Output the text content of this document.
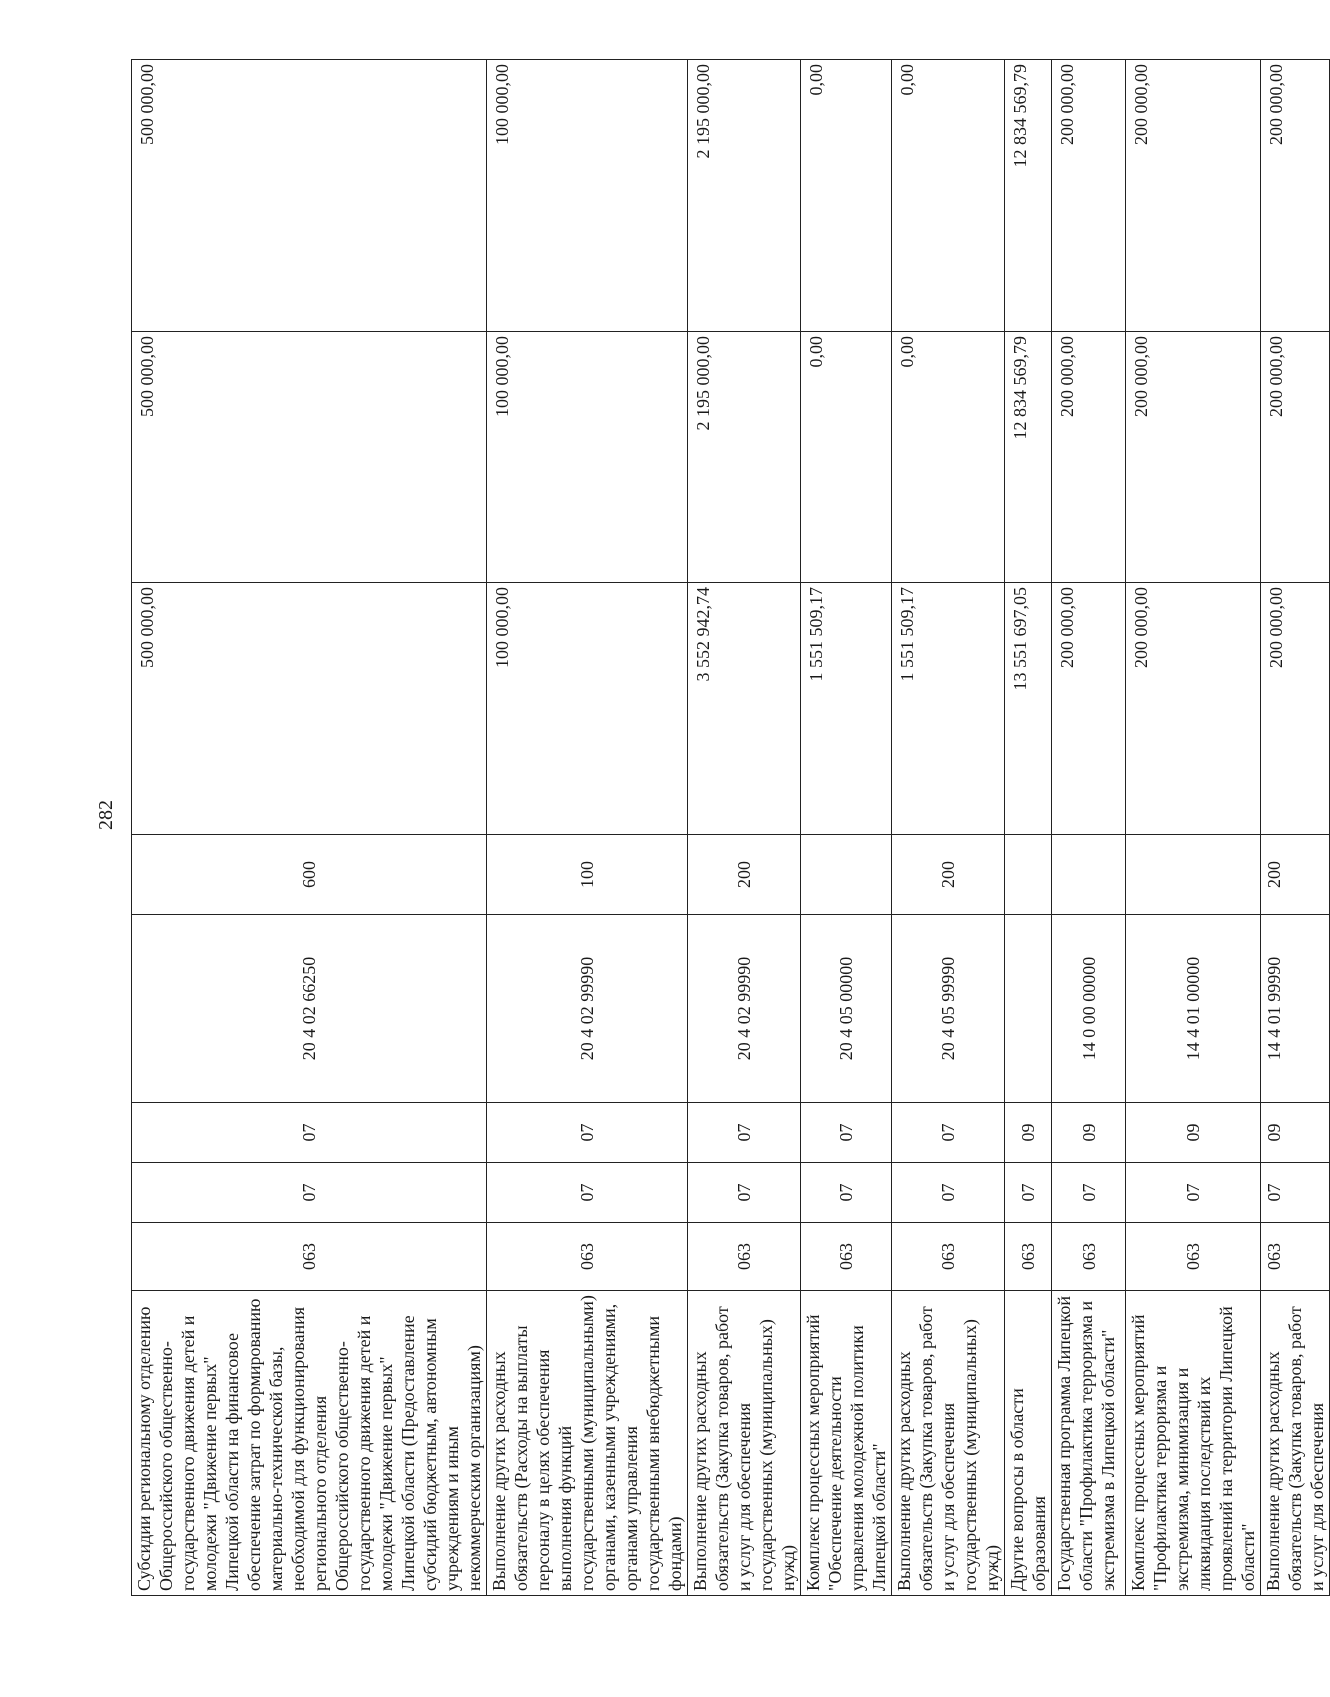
282
Субсидии региональному отделению Общероссийского общественно-государственного движения детей и молодежи "Движение первых" Липецкой области на финансовое обеспечение затрат по формированию материально-технической базы, необходимой для функционирования регионального отделения Общероссийского общественно-государственного движения детей и молодежи "Движение первых" Липецкой области (Предоставление субсидий бюджетным, автономным учреждениям и иным некоммерческим организациям)	063	07	07	20 4 02 66250	600	500 000,00	500 000,00	500 000,00
Выполнение других расходных обязательств (Расходы на выплаты персоналу в целях обеспечения выполнения функций государственными (муниципальными) органами, казенными учреждениями, органами управления государственными внебюджетными фондами)	063	07	07	20 4 02 99990	100	100 000,00	100 000,00	100 000,00
Выполнение других расходных обязательств (Закупка товаров, работ и услуг для обеспечения государственных (муниципальных) нужд)	063	07	07	20 4 02 99990	200	3 552 942,74	2 195 000,00	2 195 000,00
Комплекс процессных мероприятий "Обеспечение деятельности управления молодежной политики Липецкой области"	063	07	07	20 4 05 00000		1 551 509,17	0,00	0,00
Выполнение других расходных обязательств (Закупка товаров, работ и услуг для обеспечения государственных (муниципальных) нужд)	063	07	07	20 4 05 99990	200	1 551 509,17	0,00	0,00
Другие вопросы в области образования	063	07	09			13 551 697,05	12 834 569,79	12 834 569,79
Государственная программа Липецкой области "Профилактика терроризма и экстремизма в Липецкой области"	063	07	09	14 0 00 00000		200 000,00	200 000,00	200 000,00
Комплекс процессных мероприятий "Профилактика терроризма и экстремизма, минимизация и ликвидация последствий их проявлений на территории Липецкой области"	063	07	09	14 4 01 00000		200 000,00	200 000,00	200 000,00
Выполнение других расходных обязательств (Закупка товаров, работ и услуг для обеспечения	063	07	09	14 4 01 99990	200	200 000,00	200 000,00	200 000,00
